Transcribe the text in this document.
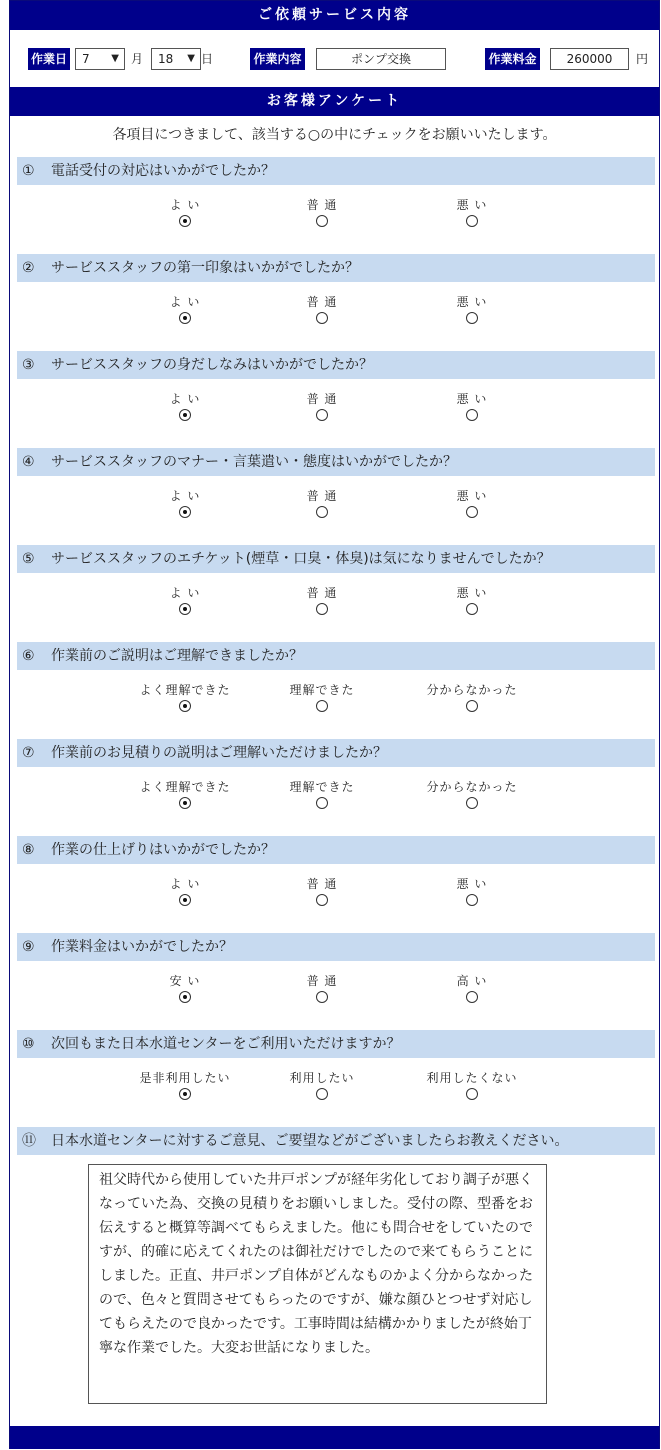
ご依頼サービス内容
作業日	7 ▼ 月	18 ▼ 日	作業内容	ポンプ交換	作業料金	260000	円
お客様アンケート
各項目につきまして、該当する○の中にチェックをお願いいたします。
① 電話受付の対応はいかがでしたか？
よ い	普 通	悪 い
② サービススタッフの第一印象はいかがでしたか？
よ い	普 通	悪 い
③ サービススタッフの身だしなみはいかがでしたか？
よ い	普 通	悪 い
④ サービススタッフのマナー・言葉遣い・態度はいかがでしたか？
よ い	普 通	悪 い
⑤ サービススタッフのエチケット(煙草・口臭・体臭)は気になりませんでしたか？
よ い	普 通	悪 い
⑥ 作業前のご説明はご理解できましたか？
よく理解できた	理解できた	分からなかった
⑦ 作業前のお見積りの説明はご理解いただけましたか？
よく理解できた	理解できた	分からなかった
⑧ 作業の仕上げりはいかがでしたか？
よ い	普 通	悪 い
⑨ 作業料金はいかがでしたか？
安 い	普 通	高 い
⑩ 次回もまた日本水道センターをご利用いただけますか？
是非利用したい	利用したい	利用したくない
⑪ 日本水道センターに対するご意見、ご要望などがございましたらお教えください。
祖父時代から使用していた井戸ポンプが経年劣化しており調子が悪くなっていた為、交換の見積りをお願いしました。受付の際、型番をお伝えすると概算等調べてもらえました。他にも問合せをしていたのですが、的確に応えてくれたのは御社だけでしたので来てもらうことにしました。正直、井戸ポンプ自体がどんなものかよく分からなかったので、色々と質問させてもらったのですが、嫌な顔ひとつせず対応してもらえたので良かったです。工事時間は結構かかりましたが終始丁寧な作業でした。大変お世話になりました。
